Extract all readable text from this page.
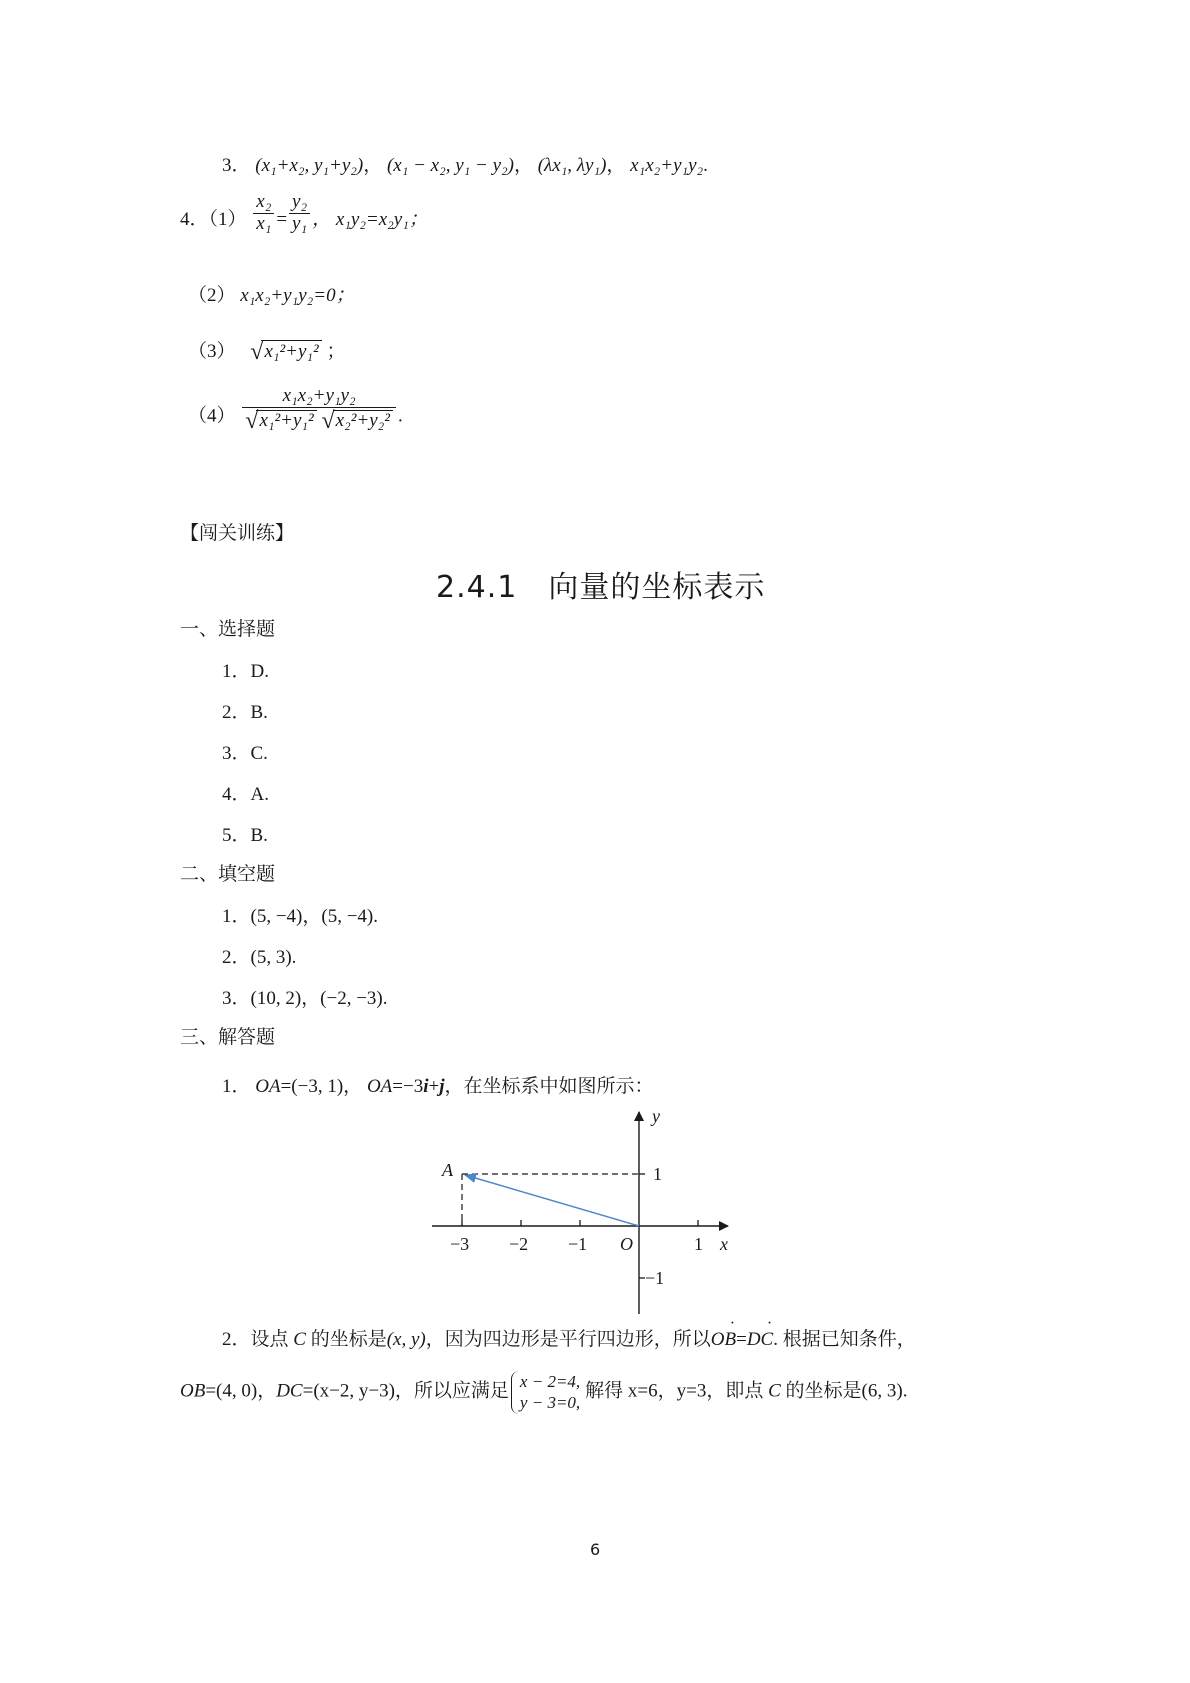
3． (x₁+x₂, y₁+y₂)， (x₁ − x₂, y₁ − y₂)， (λx₁, λy₁)， x₁x₂+y₁y₂.
4．$(1) \frac{\text{x₂}}{\text{x₁}} = \frac{\text{y₂}}{\text{y₁}}$ ， x₁y₂=x₂y₁；
（2） x₁x₂+y₁y₂=0；
（3） √x₁²+y₁² ；
$(4) \frac{\text{x₁x₂+y₁y₂}}{\text{√x₁²+y₁² √x₂²+y₂²}}$ .
【闯关训练】
2.4.1　向量的坐标表示
一、选择题
1．D.
2．B.
3．C.
4．A.
5．B.
二、填空题
1．(5, −4)，(5, −4).
2．(5, 3).
3．(10, 2)，(−2, −3).
三、解答题
1． OA=(−3, 1)， OA=−3i+j，在坐标系中如图所示：
−3 −2 −1	1
1
−1
y
x
O
A
2．设点 C 的坐标是(x, y)，因为四边形是平行四边形，所以· OB=· DC. 根据已知条件，
OB=(4, 0)，DC=(x−2, y−3)，所以应满足 x − 2=4,
y − 3=0,解得 x=6，y=3，即点 C 的坐标是(6, 3).
6
